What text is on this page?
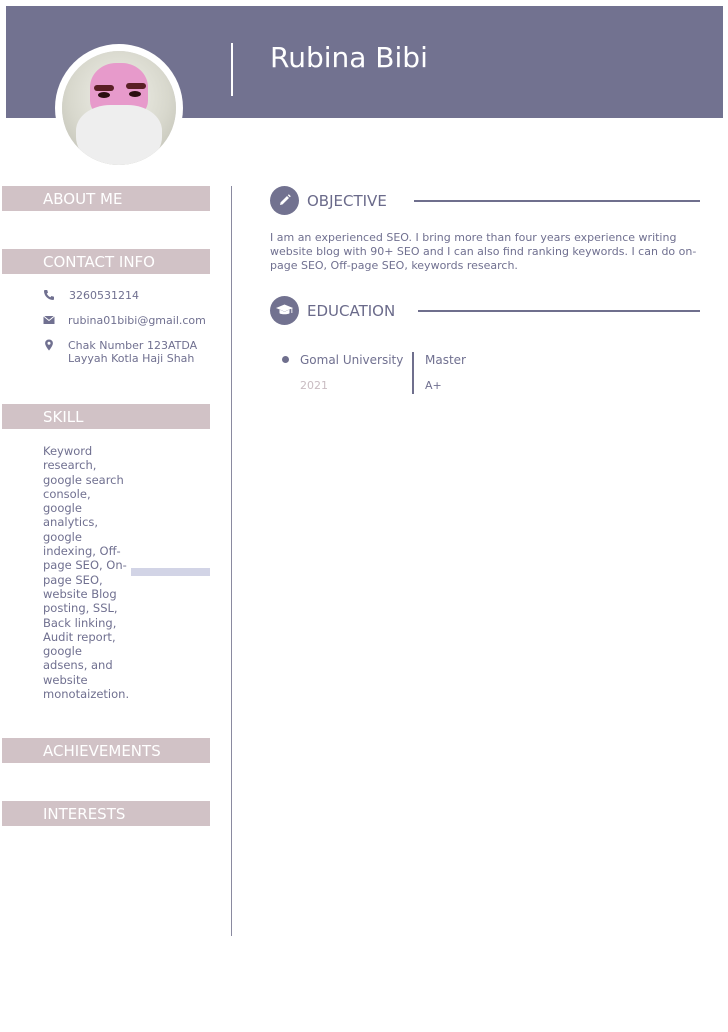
Rubina Bibi
ABOUT ME
CONTACT INFO
3260531214
rubina01bibi@gmail.com
Chak Number 123ATDA
Layyah Kotla Haji Shah
SKILL
Keyword research, google search console, google analytics, google indexing, Off-page SEO, On-page SEO, website Blog posting, SSL, Back linking, Audit report, google adsens, and website monotaizetion.
ACHIEVEMENTS
INTERESTS
OBJECTIVE
I am an experienced SEO. I bring more than four years experience writing website blog with 90+ SEO and I can also find ranking keywords. I can do on-page SEO, Off-page SEO, keywords research.
EDUCATION
Gomal University
2021
Master
A+
